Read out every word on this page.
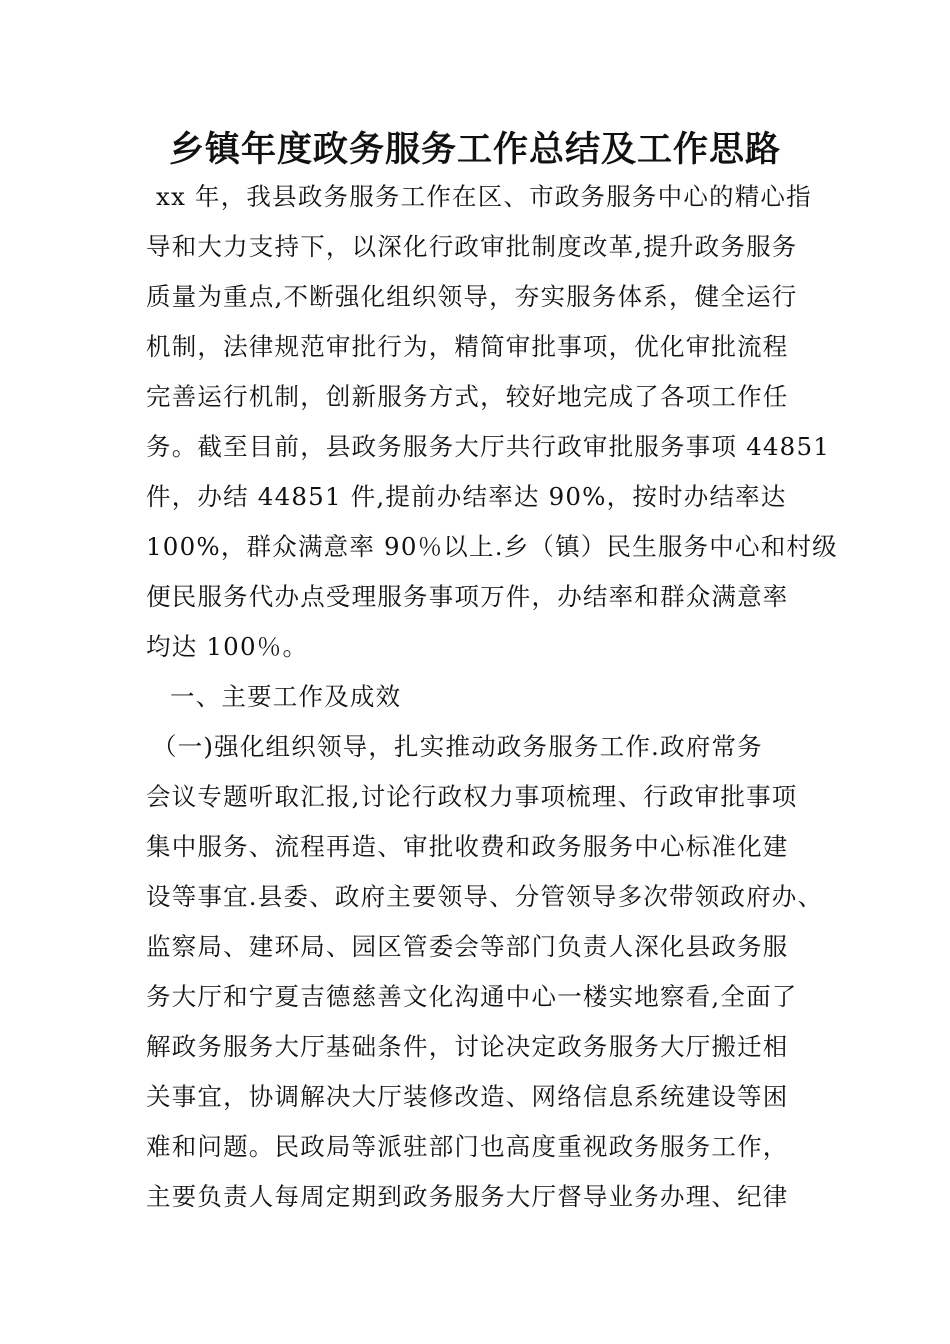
乡镇年度政务服务工作总结及工作思路

xx 年，我县政务服务工作在区、市政务服务中心的精心指

导和大力支持下，以深化行政审批制度改革,提升政务服务

质量为重点,不断强化组织领导，夯实服务体系，健全运行

机制，法律规范审批行为，精简审批事项，优化审批流程

完善运行机制，创新服务方式，较好地完成了各项工作任

务。截至目前，县政务服务大厅共行政审批服务事项 44851

件，办结 44851 件,提前办结率达 90%，按时办结率达

100%，群众满意率 90％以上.乡（镇）民生服务中心和村级

便民服务代办点受理服务事项万件，办结率和群众满意率

均达 100％。

一、主要工作及成效

（一)强化组织领导，扎实推动政务服务工作.政府常务

会议专题听取汇报,讨论行政权力事项梳理、行政审批事项

集中服务、流程再造、审批收费和政务服务中心标准化建

设等事宜.县委、政府主要领导、分管领导多次带领政府办、

监察局、建环局、园区管委会等部门负责人深化县政务服

务大厅和宁夏吉德慈善文化沟通中心一楼实地察看,全面了

解政务服务大厅基础条件，讨论决定政务服务大厅搬迁相

关事宜，协调解决大厅装修改造、网络信息系统建设等困

难和问题。民政局等派驻部门也高度重视政务服务工作，

主要负责人每周定期到政务服务大厅督导业务办理、纪律
